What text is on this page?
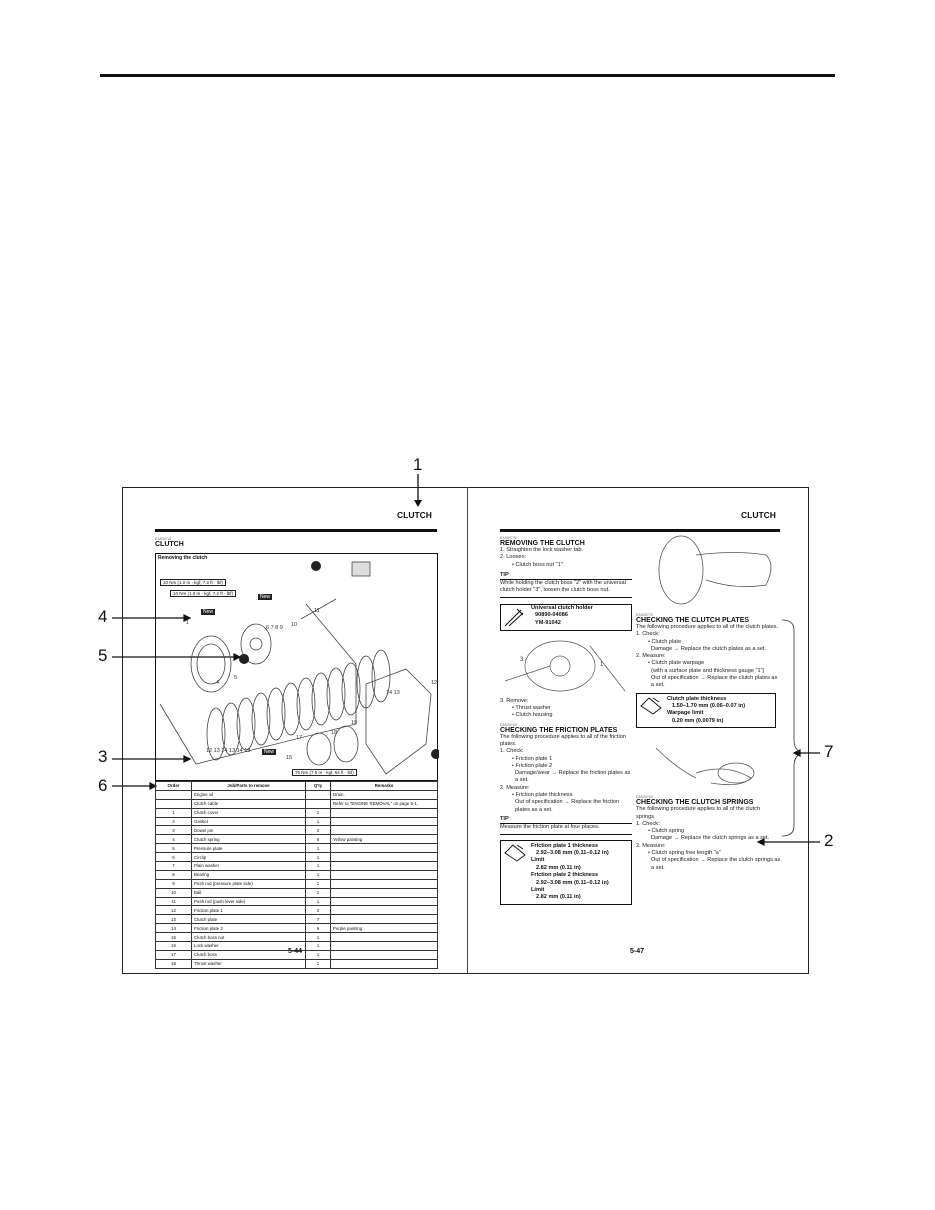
1
4
5
3
6
7
2
CLUTCH
EAS30741
CLUTCH
Removing the clutch
10 Nm (1.0 m · kgf, 7.2 ft · lbf)
10 Nm (1.0 m · kgf, 7.2 ft · lbf)
75 Nm (7.5 m · kgf, 54 ft · lbf)
New
New
New
1
4
5
6 7 8 9 10
11
12
14 13
15
17
18
19
12 13 14 13 14 13
Order	Job/Parts to remove	Q'ty	Remarks
	Engine oil		Drain.
	Clutch cable		Refer to "ENGINE REMOVAL" on page 5-1.
1	Clutch cover	1	
2	Gasket	1	
3	Dowel pin	2	
4	Clutch spring	6	Yellow painting
5	Pressure plate	1	
6	Circlip	1	
7	Plain washer	1	
8	Bearing	1	
9	Push rod (pressure plate side)	1	
10	Ball	1	
11	Push rod (push lever side)	1	
12	Friction plate 1	2	
13	Clutch plate	7	
14	Friction plate 2	6	Purple painting
15	Clutch boss nut	1	
16	Lock washer	1	
17	Clutch boss	1	
18	Thrust washer	1	
5-44
CLUTCH
EAS30742
REMOVING THE CLUTCH
1. Straighten the lock washer tab.
2. Loosen:
• Clutch boss nut "1"
TIP
While holding the clutch boss "2" with the universal clutch holder "3", loosen the clutch boss nut.
Universal clutch holder
90890-04086
YM-91042
3
1
3. Remove:
• Thrust washer
• Clutch housing
EAS30743
CHECKING THE FRICTION PLATES
The following procedure applies to all of the friction plates.
1. Check:
• Friction plate 1
• Friction plate 2
Damage/wear → Replace the friction plates as a set.
2. Measure:
• Friction plate thickness
Out of specification → Replace the friction plates as a set.
TIP
Measure the friction plate at four places.
Friction plate 1 thickness
2.92–3.08 mm (0.11–0.12 in)
Limit
2.82 mm (0.11 in)
Friction plate 2 thickness
2.92–3.08 mm (0.11–0.12 in)
Limit
2.82 mm (0.11 in)
EAS30770
CHECKING THE CLUTCH PLATES
The following procedure applies to all of the clutch plates.
1. Check:
• Clutch plate
Damage → Replace the clutch plates as a set.
2. Measure:
• Clutch plate warpage
(with a surface plate and thickness gauge "1")
Out of specification → Replace the clutch plates as a set.
Clutch plate thickness
1.50–1.70 mm (0.06–0.07 in)
Warpage limit
0.20 mm (0.0079 in)
EAS30744
CHECKING THE CLUTCH SPRINGS
The following procedure applies to all of the clutch springs.
1. Check:
• Clutch spring
Damage → Replace the clutch springs as a set.
2. Measure:
• Clutch spring free length "a"
Out of specification → Replace the clutch springs as a set.
5-47
